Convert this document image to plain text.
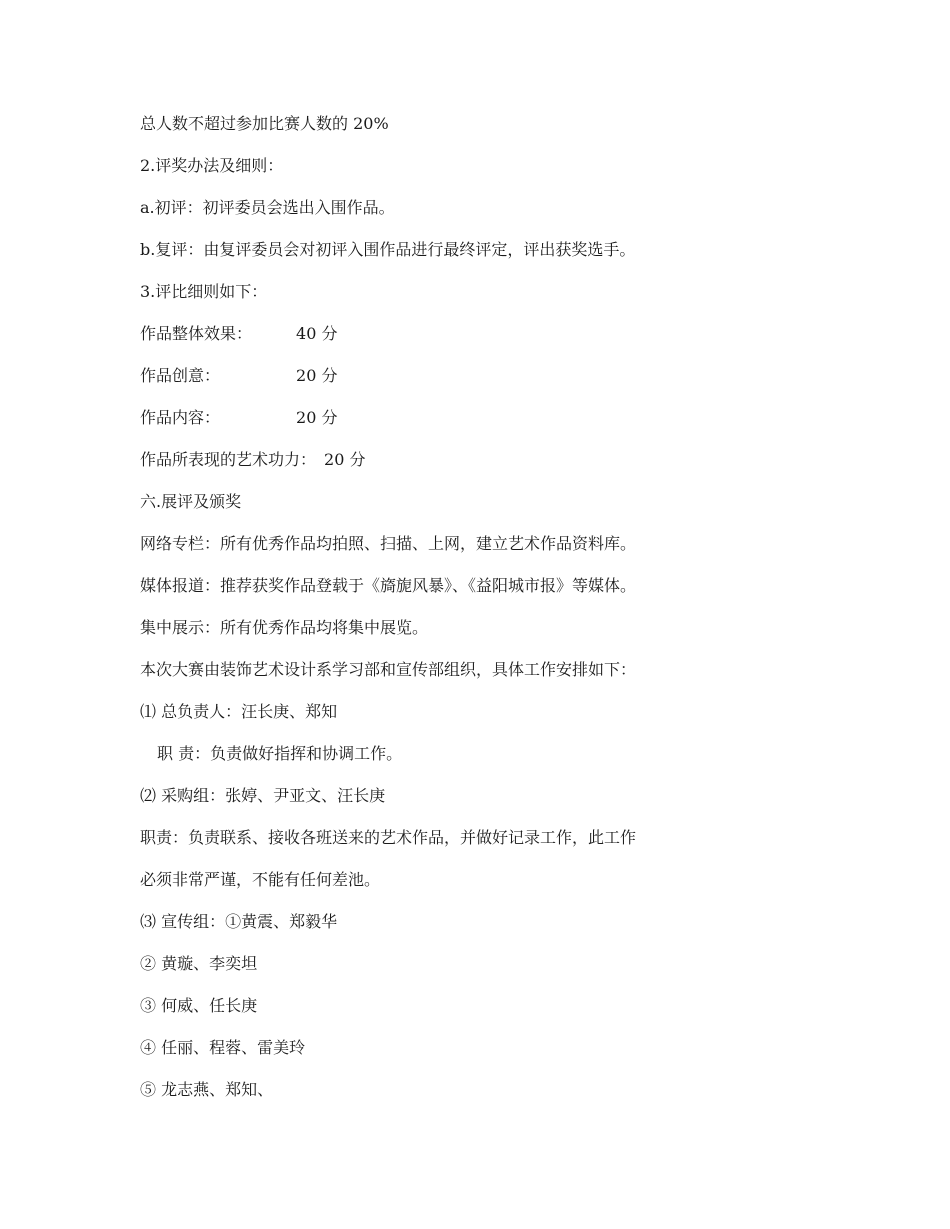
总人数不超过参加比赛人数的 20%
2.评奖办法及细则：
a.初评：初评委员会选出入围作品。
b.复评：由复评委员会对初评入围作品进行最终评定，评出获奖选手。
3.评比细则如下：
作品整体效果：	40 分
作品创意：	20 分
作品内容：	20 分
作品所表现的艺术功力： 20 分
六.展评及颁奖
网络专栏：所有优秀作品均拍照、扫描、上网，建立艺术作品资料库。
媒体报道：推荐获奖作品登载于《旖旎风暴》、《益阳城市报》等媒体。
集中展示：所有优秀作品均将集中展览。
本次大赛由装饰艺术设计系学习部和宣传部组织，具体工作安排如下：
⑴ 总负责人：汪长庚、郑知
职 责：负责做好指挥和协调工作。
⑵ 采购组：张婷、尹亚文、汪长庚
职责：负责联系、接收各班送来的艺术作品，并做好记录工作，此工作
必须非常严谨，不能有任何差池。
⑶ 宣传组：①黄震、郑毅华
② 黄璇、李奕坦
③ 何威、任长庚
④ 任丽、程蓉、雷美玲
⑤ 龙志燕、郑知、
